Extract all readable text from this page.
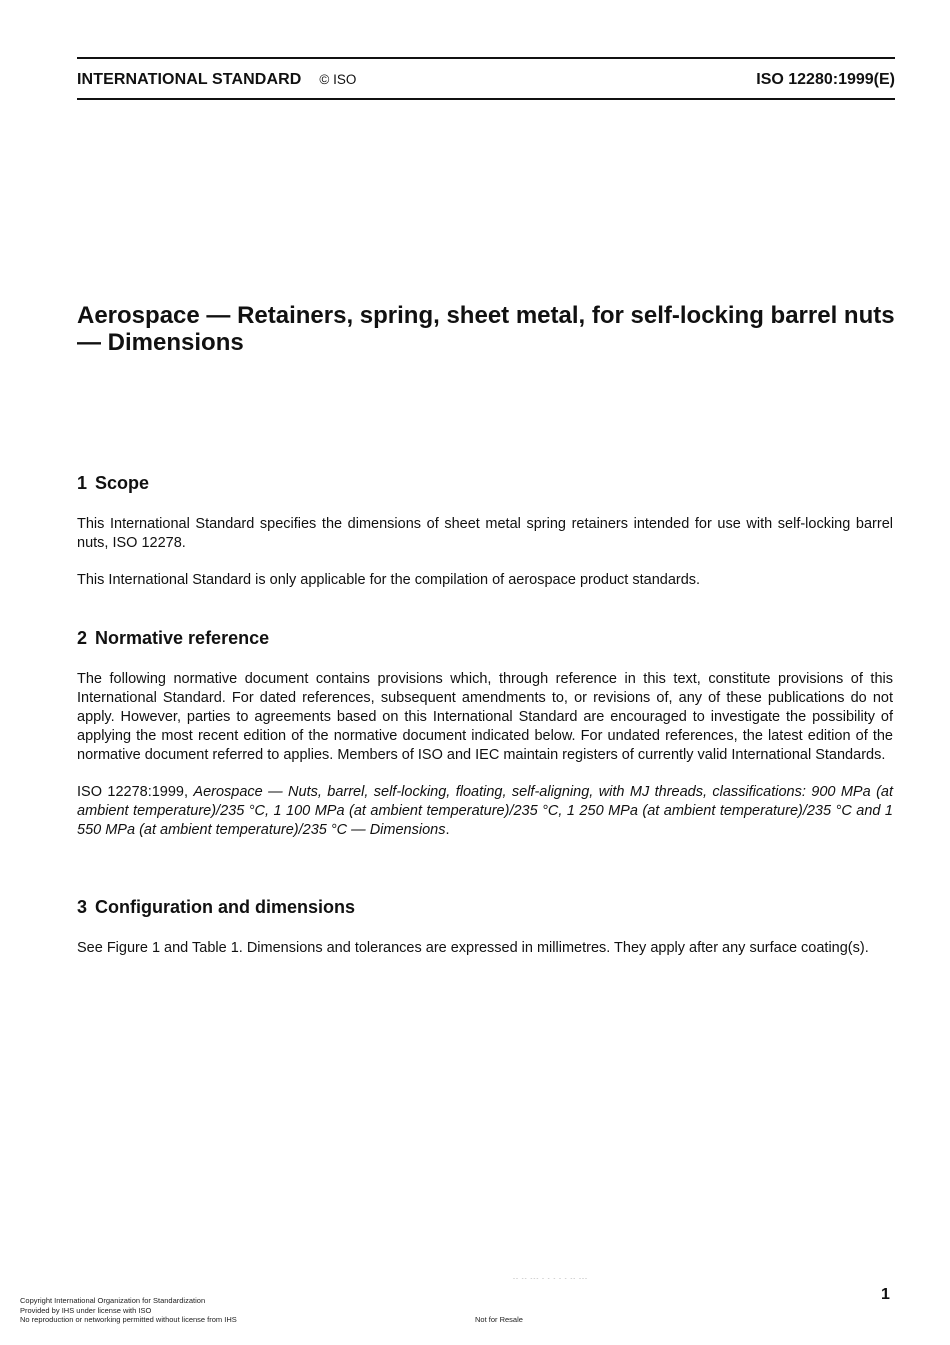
INTERNATIONAL STANDARD © ISO	ISO 12280:1999(E)
Aerospace — Retainers, spring, sheet metal, for self-locking barrel nuts — Dimensions
1 Scope

This International Standard specifies the dimensions of sheet metal spring retainers intended for use with self-locking barrel nuts, ISO 12278.

This International Standard is only applicable for the compilation of aerospace product standards.

2 Normative reference

The following normative document contains provisions which, through reference in this text, constitute provisions of this International Standard. For dated references, subsequent amendments to, or revisions of, any of these publications do not apply. However, parties to agreements based on this International Standard are encouraged to investigate the possibility of applying the most recent edition of the normative document indicated below. For undated references, the latest edition of the normative document referred to applies. Members of ISO and IEC maintain registers of currently valid International Standards.

ISO 12278:1999, Aerospace — Nuts, barrel, self-locking, floating, self-aligning, with MJ threads, classifications: 900 MPa (at ambient temperature)/235 °C, 1 100 MPa (at ambient temperature)/235 °C, 1 250 MPa (at ambient temperature)/235 °C and 1 550 MPa (at ambient temperature)/235 °C — Dimensions.

3 Configuration and dimensions

See Figure 1 and Table 1. Dimensions and tolerances are expressed in millimetres. They apply after any surface coating(s).

-- -- --- - - - - - -- ---
1
Copyright International Organization for Standardization
Provided by IHS under license with ISO
No reproduction or networking permitted without license from IHS	Not for Resale
